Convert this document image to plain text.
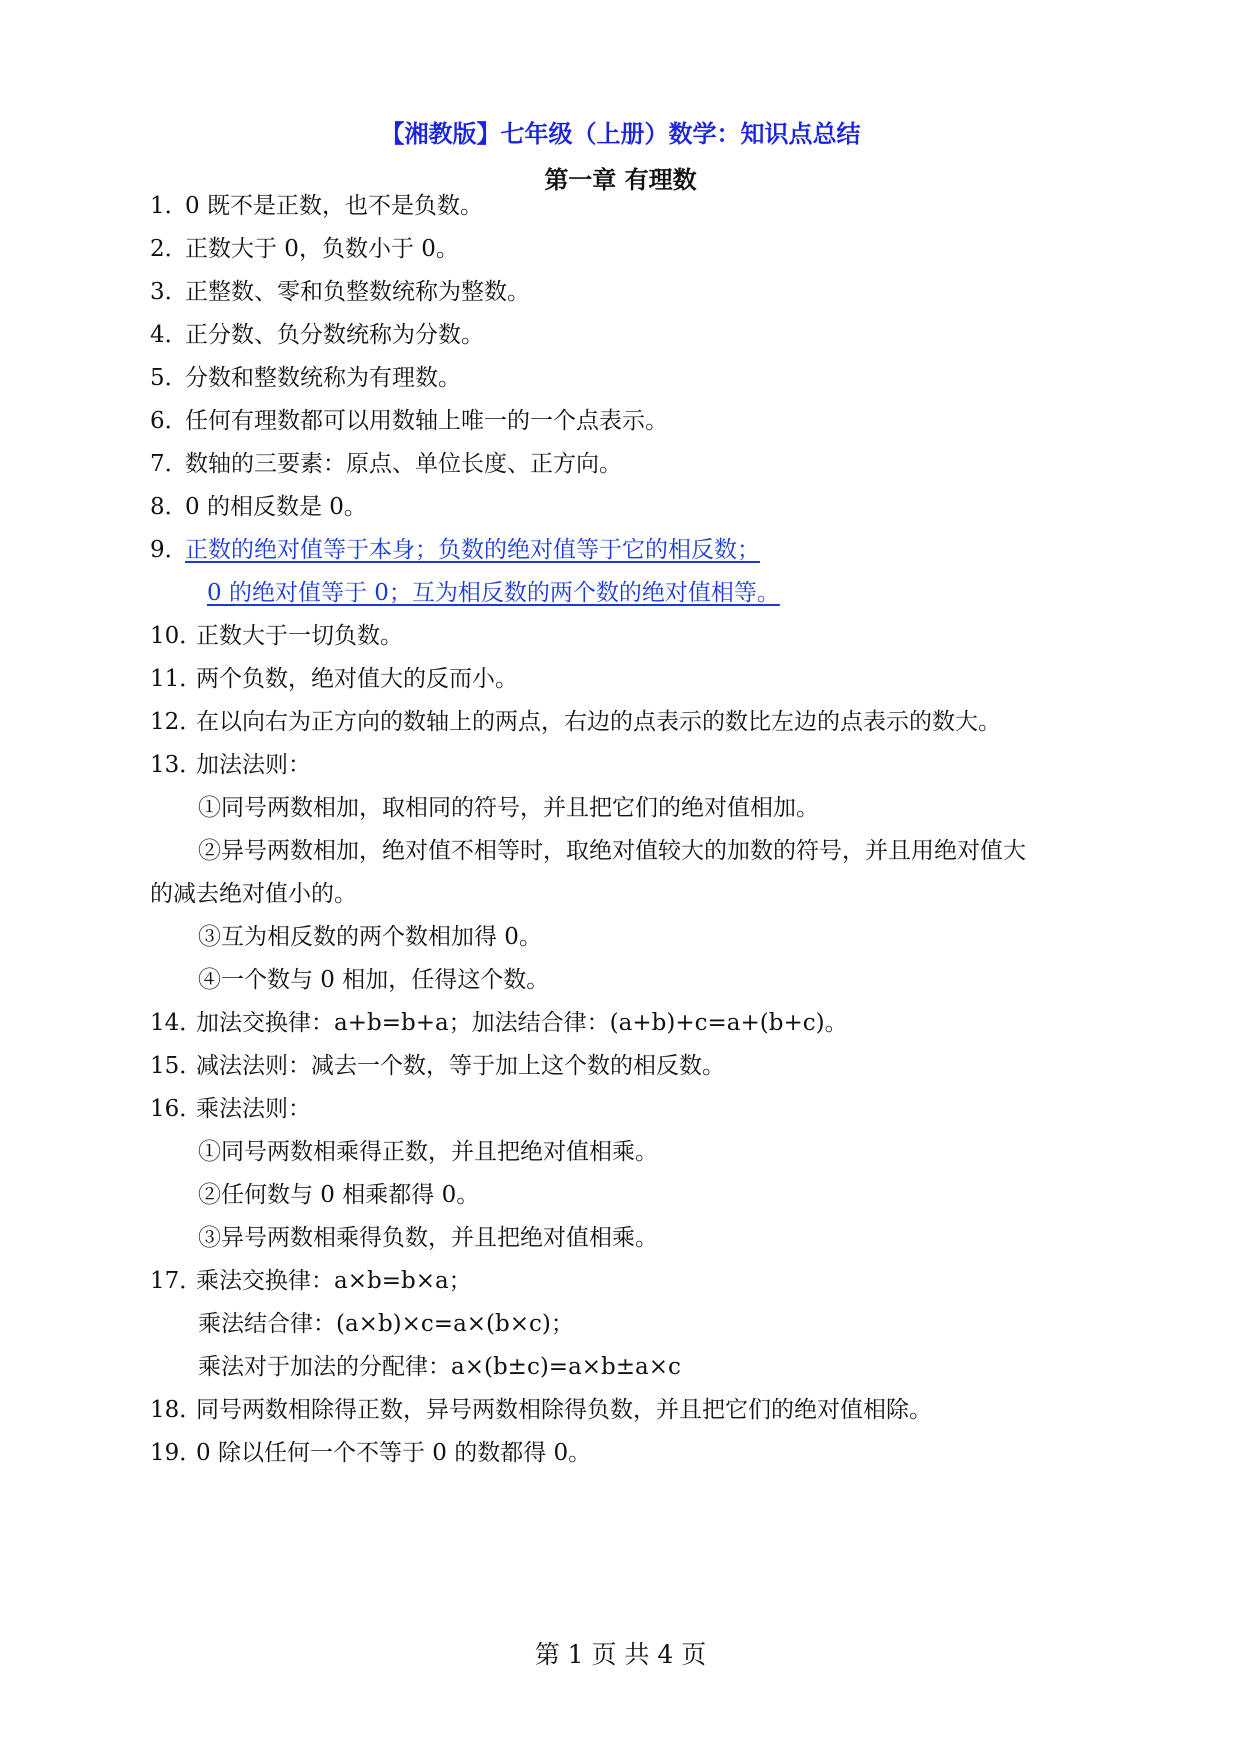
【湘教版】七年级（上册）数学：知识点总结
第一章 有理数
1．0 既不是正数，也不是负数。
2．正数大于 0，负数小于 0。
3．正整数、零和负整数统称为整数。
4．正分数、负分数统称为分数。
5．分数和整数统称为有理数。
6．任何有理数都可以用数轴上唯一的一个点表示。
7．数轴的三要素：原点、单位长度、正方向。
8．0 的相反数是 0。
9．正数的绝对值等于本身；负数的绝对值等于它的相反数；
0 的绝对值等于 0；互为相反数的两个数的绝对值相等。
10．正数大于一切负数。
11．两个负数，绝对值大的反而小。
12．在以向右为正方向的数轴上的两点，右边的点表示的数比左边的点表示的数大。
13．加法法则：
①同号两数相加，取相同的符号，并且把它们的绝对值相加。
②异号两数相加，绝对值不相等时，取绝对值较大的加数的符号，并且用绝对值大
的减去绝对值小的。
③互为相反数的两个数相加得 0。
④一个数与 0 相加，任得这个数。
14．加法交换律：a+b=b+a；加法结合律：(a+b)+c=a+(b+c)。
15．减法法则：减去一个数，等于加上这个数的相反数。
16．乘法法则：
①同号两数相乘得正数，并且把绝对值相乘。
②任何数与 0 相乘都得 0。
③异号两数相乘得负数，并且把绝对值相乘。
17．乘法交换律：a×b=b×a；
乘法结合律：(a×b)×c=a×(b×c)；
乘法对于加法的分配律：a×(b±c)=a×b±a×c
18．同号两数相除得正数，异号两数相除得负数，并且把它们的绝对值相除。
19．0 除以任何一个不等于 0 的数都得 0。
第 1 页 共 4 页
